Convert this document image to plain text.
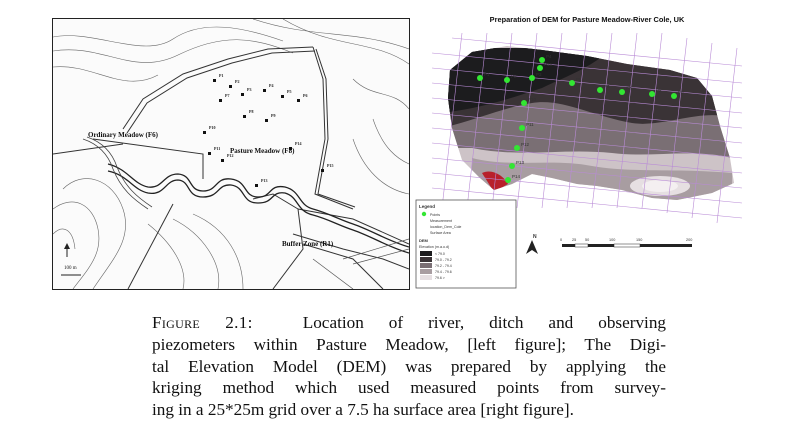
P1
P2
P3
P4
P5
P6
P7
P8
P9
P10
P11
P12
P13
P14
P15
Ordinary Meadow (F6)
Pasture Meadow (F8)
Buffer Zone (R1)
100 m
P1	P2	P3
P4
P5
P6	P7	P8	P9
P10
P11
P12
P13
P14
P15
Preparation of DEM for Pasture Meadow-River Cole, UK
Legend
Points
Measurement
location_Dem_Cole
Surface Area
DEM
Elevation (m.a.o.d)
< 79.0
79.0 - 79.2
79.2 - 79.4
79.4 - 79.6
79.6 >
N	0	25 50	100	150	200
Figure 2.1:	Location of river, ditch and observing
piezometers within Pasture Meadow, [left figure]; The Digi-
tal Elevation Model (DEM) was prepared by applying the
kriging method which used measured points from survey-
ing in a 25*25m grid over a 7.5 ha surface area [right figure].
